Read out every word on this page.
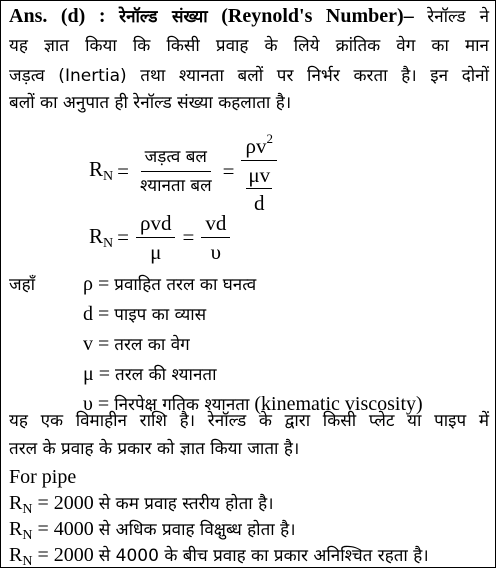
Ans. (d) : रेनॉल्ड संख्या (Reynold's Number)– रेनॉल्ड ने
यह ज्ञात किया कि किसी प्रवाह के लिये क्रांतिक वेग का मान
जड़त्व (Inertia) तथा श्यानता बलों पर निर्भर करता है। इन दोनों
बलों का अनुपात ही रेनॉल्ड संख्या कहलाता है।
$R_N = \frac{\text{जड़त्व बल}}{\text{श्यानता बल}} = \frac{\rho v^2}{\frac{\mu v}{d}}$
$R_N = \frac{\text{ρvd}}{\mu} = \frac{vd}{\upsilon}$
जहाँ ρ = प्रवाहित तरल का घनत्व
d = पाइप का व्यास
v = तरल का वेग
μ = तरल की श्यानता
υ = निरपेक्ष गतिक श्यानता (kinematic viscosity)
यह एक विमाहीन राशि है। रेनॉल्ड के द्वारा किसी प्लेट या पाइप में
तरल के प्रवाह के प्रकार को ज्ञात किया जाता है।
For pipe
$R_N = 2000$ से कम प्रवाह स्तरीय होता है।
$R_N = 4000$ से अधिक प्रवाह विक्षुब्ध होता है।
$R_N = 2000$ से 4000 के बीच प्रवाह का प्रकार अनिश्चित रहता है।
